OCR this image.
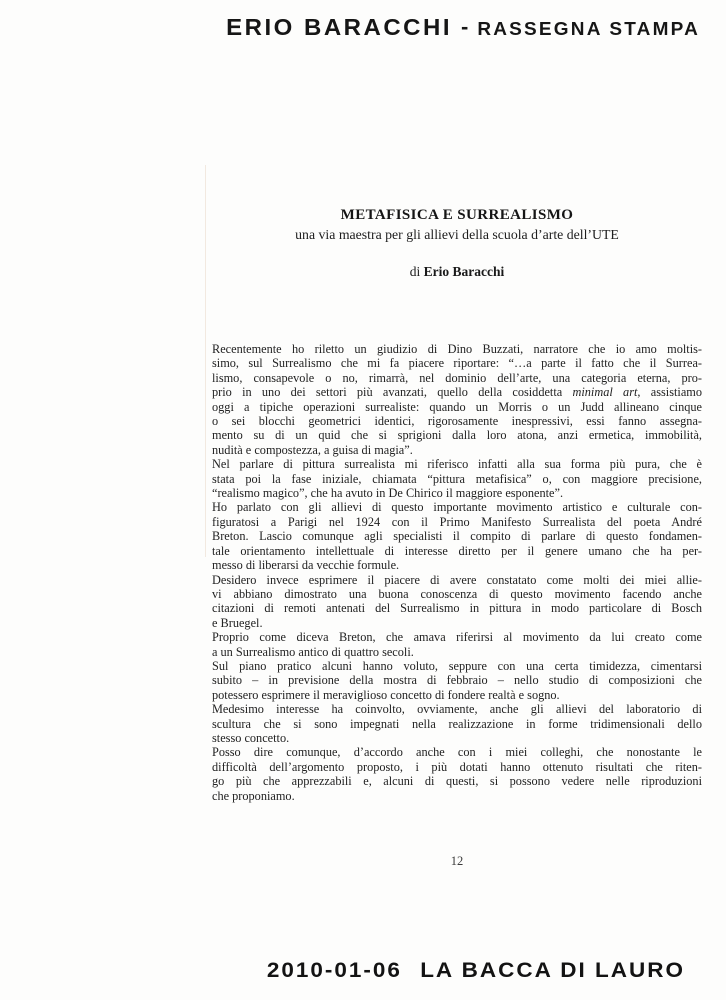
ERIO BARACCHI - RASSEGNA STAMPA
METAFISICA E SURREALISMO
una via maestra per gli allievi della scuola d’arte dell’UTE
di Erio Baracchi
Recentemente ho riletto un giudizio di Dino Buzzati, narratore che io amo moltis-
simo, sul Surrealismo che mi fa piacere riportare: “…a parte il fatto che il Surrea-
lismo, consapevole o no, rimarrà, nel dominio dell’arte, una categoria eterna, pro-
prio in uno dei settori più avanzati, quello della cosiddetta minimal art, assistiamo
oggi a tipiche operazioni surrealiste: quando un Morris o un Judd allineano cinque
o sei blocchi geometrici identici, rigorosamente inespressivi, essi fanno assegna-
mento su di un quid che si sprigioni dalla loro atona, anzi ermetica, immobilità,
nudità e compostezza, a guisa di magia”.
Nel parlare di pittura surrealista mi riferisco infatti alla sua forma più pura, che è
stata poi la fase iniziale, chiamata “pittura metafisica” o, con maggiore precisione,
“realismo magico”, che ha avuto in De Chirico il maggiore esponente”.
Ho parlato con gli allievi di questo importante movimento artistico e culturale con-
figuratosi a Parigi nel 1924 con il Primo Manifesto Surrealista del poeta André
Breton. Lascio comunque agli specialisti il compito di parlare di questo fondamen-
tale orientamento intellettuale di interesse diretto per il genere umano che ha per-
messo di liberarsi da vecchie formule.
Desidero invece esprimere il piacere di avere constatato come molti dei miei allie-
vi abbiano dimostrato una buona conoscenza di questo movimento facendo anche
citazioni di remoti antenati del Surrealismo in pittura in modo particolare di Bosch
e Bruegel.
Proprio come diceva Breton, che amava riferirsi al movimento da lui creato come
a un Surrealismo antico di quattro secoli.
Sul piano pratico alcuni hanno voluto, seppure con una certa timidezza, cimentarsi
subito – in previsione della mostra di febbraio – nello studio di composizioni che
potessero esprimere il meraviglioso concetto di fondere realtà e sogno.
Medesimo interesse ha coinvolto, ovviamente, anche gli allievi del laboratorio di
scultura che si sono impegnati nella realizzazione in forme tridimensionali dello
stesso concetto.
Posso dire comunque, d’accordo anche con i miei colleghi, che nonostante le
difficoltà dell’argomento proposto, i più dotati hanno ottenuto risultati che riten-
go più che apprezzabili e, alcuni di questi, si possono vedere nelle riproduzioni
che proponiamo.
12
2010-01-06 LA BACCA DI LAURO
